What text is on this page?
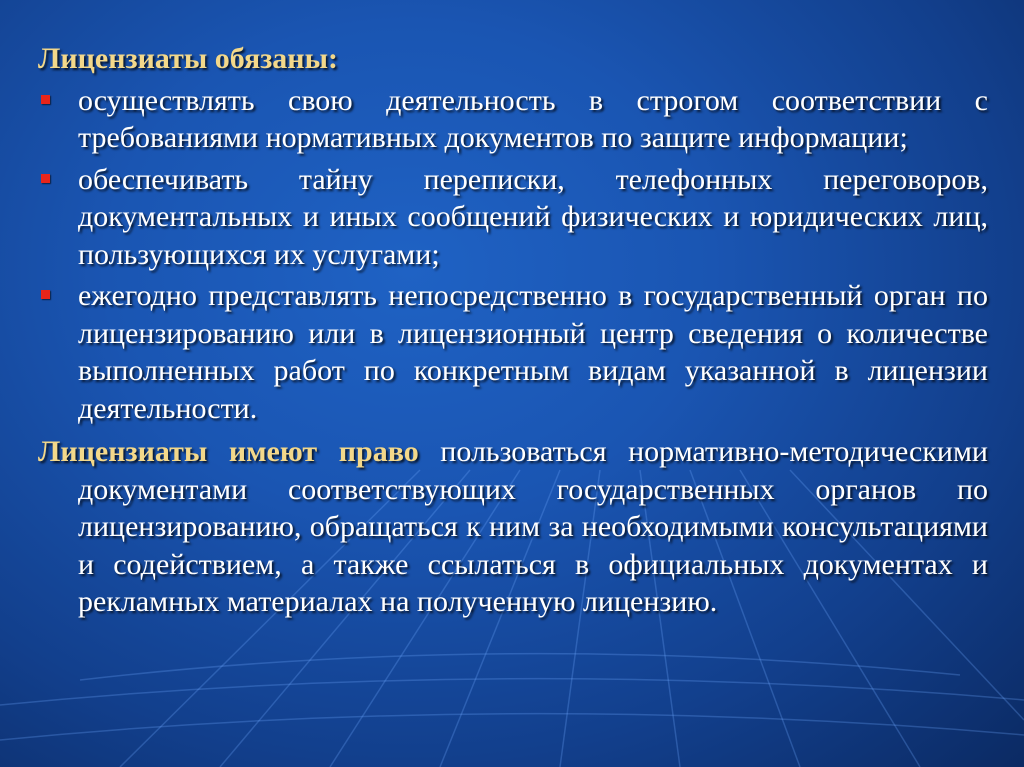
Лицензиаты обязаны:

осуществлять свою деятельность в строгом соответствии с требованиями нормативных документов по защите информации;
обеспечивать тайну переписки, телефонных переговоров, документальных и иных сообщений физических и юридических лиц, пользующихся их услугами;
ежегодно представлять непосредственно в государственный орган по лицензированию или в лицензионный центр сведения о количестве выполненных работ по конкретным видам указанной в лицензии деятельности.

Лицензиаты имеют право пользоваться нормативно-методическими документами соответствующих государственных органов по лицензированию, обращаться к ним за необходимыми консультациями и содействием, а также ссылаться в официальных документах и рекламных материалах на полученную лицензию.
